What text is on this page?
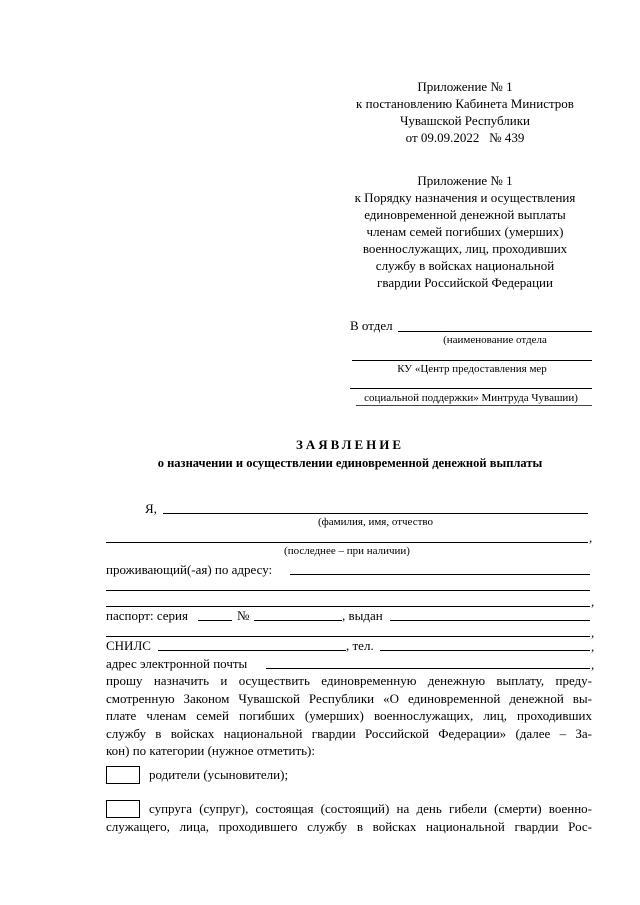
Приложение № 1
к постановлению Кабинета Министров
Чувашской Республики
от 09.09.2022   № 439
Приложение № 1
к Порядку назначения и осуществления
единовременной денежной выплаты
членам семей погибших (умерших)
военнослужащих, лиц, проходивших
службу в войсках национальной
гвардии Российской Федерации
В отдел
(наименование отдела
КУ «Центр предоставления мер
социальной поддержки» Минтруда Чувашии)
ЗАЯВЛЕНИЕ
о назначении и осуществлении единовременной денежной выплаты
Я,
(фамилия, имя, отчество
,
(последнее – при наличии)
проживающий(-ая) по адресу:
,
паспорт: серия	№	, выдан
,
СНИЛС	, тел.	,
адрес электронной почты	,
прошу назначить и осуществить единовременную денежную выплату, преду-
смотренную Законом Чувашской Республики «О единовременной денежной вы-
плате членам семей погибших (умерших) военнослужащих, лиц, проходивших
службу в войсках национальной гвардии Российской Федерации» (далее – За-
кон) по категории (нужное отметить):
родители (усыновители);
супруга (супруг), состоящая (состоящий) на день гибели (смерти) военно-
служащего, лица, проходившего службу в войсках национальной гвардии Рос-
